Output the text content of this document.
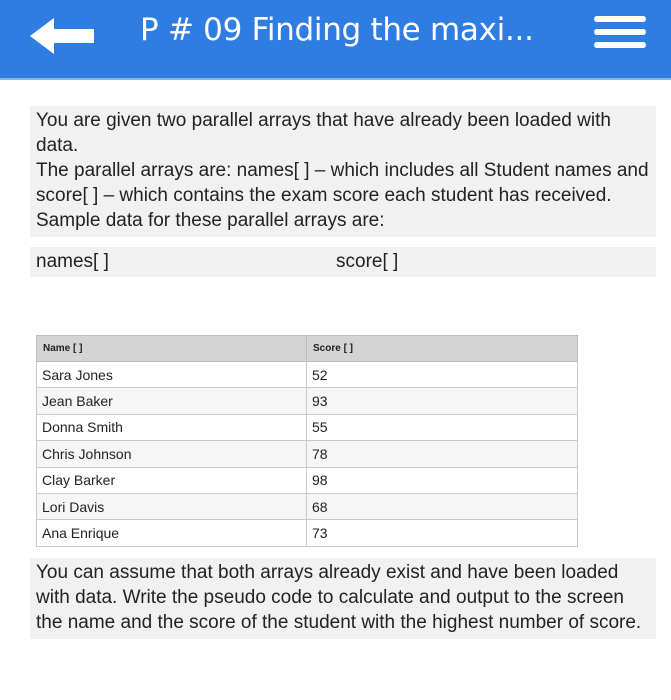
P # 09 Finding the maxi...
You are given two parallel arrays that have already been loaded with data.
The parallel arrays are: names[ ] – which includes all Student names and
score[ ] – which contains the exam score each student has received.
Sample data for these parallel arrays are:
names[ ]	score[ ]
Name [ ]	Score [ ]
Sara Jones	52
Jean Baker	93
Donna Smith	55
Chris Johnson	78
Clay Barker	98
Lori Davis	68
Ana Enrique	73
You can assume that both arrays already exist and have been loaded with data. Write the pseudo code to calculate and output to the screen the name and the score of the student with the highest number of score.
